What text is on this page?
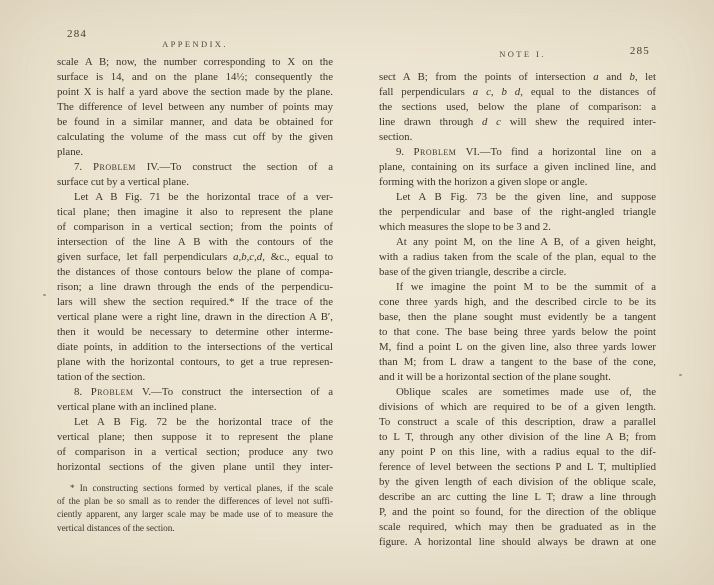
284
APPENDIX.
scale A B; now, the number corresponding to X on the
surface is 14, and on the plane 14½; consequently the
point X is half a yard above the section made by the plane.
The difference of level between any number of points may
be found in a similar manner, and data be obtained for
calculating the volume of the mass cut off by the given
plane.
7. Problem IV.—To construct the section of a
surface cut by a vertical plane.
Let A B Fig. 71 be the horizontal trace of a ver-
tical plane; then imagine it also to represent the plane
of comparison in a vertical section; from the points of
intersection of the line A B with the contours of the
given surface, let fall perpendiculars a,b,c,d, &c., equal to
the distances of those contours below the plane of compa-
rison; a line drawn through the ends of the perpendicu-
lars will shew the section required.* If the trace of the
vertical plane were a right line, drawn in the direction A B′,
then it would be necessary to determine other interme-
diate points, in addition to the intersections of the vertical
plane with the horizontal contours, to get a true represen-
tation of the section.
8. Problem V.—To construct the intersection of a
vertical plane with an inclined plane.
Let A B Fig. 72 be the horizontal trace of the
vertical plane; then suppose it to represent the plane
of comparison in a vertical section; produce any two
horizontal sections of the given plane until they inter-
* In constructing sections formed by vertical planes, if the scale
of the plan be so small as to render the differences of level not suffi-
ciently apparent, any larger scale may be made use of to measure the
vertical distances of the section.
285
NOTE I.
sect A B; from the points of intersection a and b, let
fall perpendiculars a c, b d, equal to the distances of
the sections used, below the plane of comparison: a
line drawn through d c will shew the required inter-
section.
9. Problem VI.—To find a horizontal line on a
plane, containing on its surface a given inclined line, and
forming with the horizon a given slope or angle.
Let A B Fig. 73 be the given line, and suppose
the perpendicular and base of the right-angled triangle
which measures the slope to be 3 and 2.
At any point M, on the line A B, of a given height,
with a radius taken from the scale of the plan, equal to the
base of the given triangle, describe a circle.
If we imagine the point M to be the summit of a
cone three yards high, and the described circle to be its
base, then the plane sought must evidently be a tangent
to that cone. The base being three yards below the point
M, find a point L on the given line, also three yards lower
than M; from L draw a tangent to the base of the cone,
and it will be a horizontal section of the plane sought.
Oblique scales are sometimes made use of, the
divisions of which are required to be of a given length.
To construct a scale of this description, draw a parallel
to L T, through any other division of the line A B; from
any point P on this line, with a radius equal to the dif-
ference of level between the sections P and L T, multiplied
by the given length of each division of the oblique scale,
describe an arc cutting the line L T; draw a line through
P, and the point so found, for the direction of the oblique
scale required, which may then be graduated as in the
figure. A horizontal line should always be drawn at one
